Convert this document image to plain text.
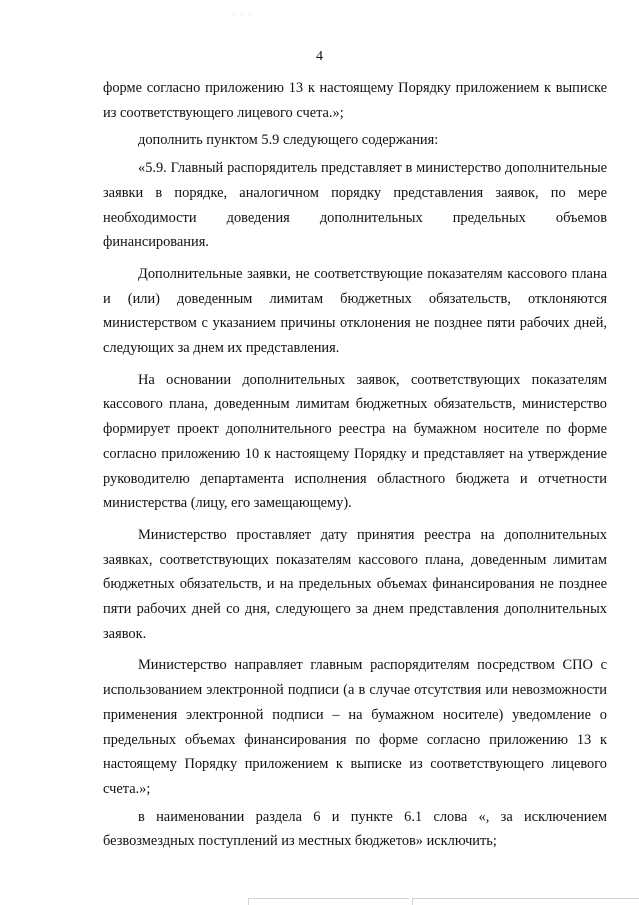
· · ·
4

форме согласно приложению 13 к настоящему Порядку приложением к выписке из соответствующего лицевого счета.»;

дополнить пунктом 5.9 следующего содержания:

«5.9. Главный распорядитель представляет в министерство дополнительные заявки в порядке, аналогичном порядку представления заявок, по мере необходимости доведения дополнительных предельных объемов финансирования.

Дополнительные заявки, не соответствующие показателям кассового плана и (или) доведенным лимитам бюджетных обязательств, отклоняются министерством с указанием причины отклонения не позднее пяти рабочих дней, следующих за днем их представления.

На основании дополнительных заявок, соответствующих показателям кассового плана, доведенным лимитам бюджетных обязательств, министерство формирует проект дополнительного реестра на бумажном носителе по форме согласно приложению 10 к настоящему Порядку и представляет на утверждение руководителю департамента исполнения областного бюджета и отчетности министерства (лицу, его замещающему).

Министерство проставляет дату принятия реестра на дополнительных заявках, соответствующих показателям кассового плана, доведенным лимитам бюджетных обязательств, и на предельных объемах финансирования не позднее пяти рабочих дней со дня, следующего за днем представления дополнительных заявок.

Министерство направляет главным распорядителям посредством СПО с использованием электронной подписи (а в случае отсутствия или невозможности применения электронной подписи – на бумажном носителе) уведомление о предельных объемах финансирования по форме согласно приложению 13 к настоящему Порядку приложением к выписке из соответствующего лицевого счета.»;

в наименовании раздела 6 и пункте 6.1 слова «, за исключением безвозмездных поступлений из местных бюджетов» исключить;
